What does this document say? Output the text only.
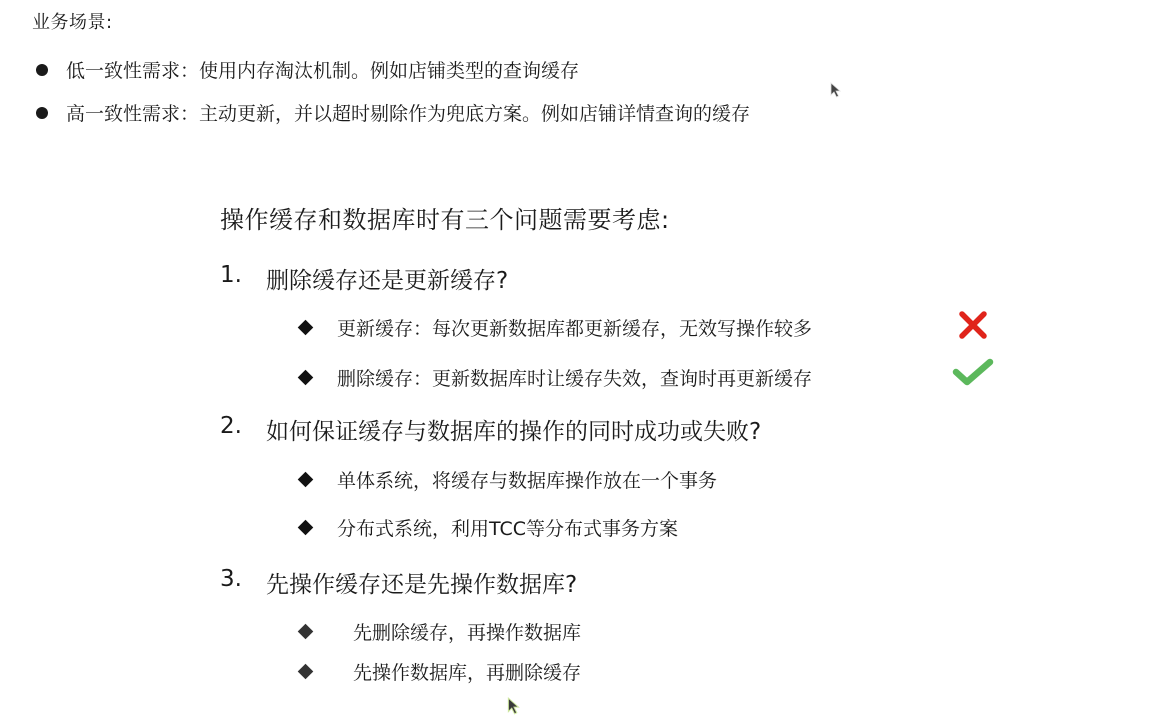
业务场景:
低一致性需求：使用内存淘汰机制。例如店铺类型的查询缓存
高一致性需求：主动更新，并以超时剔除作为兜底方案。例如店铺详情查询的缓存
操作缓存和数据库时有三个问题需要考虑:
1.	删除缓存还是更新缓存?
更新缓存：每次更新数据库都更新缓存，无效写操作较多
删除缓存：更新数据库时让缓存失效，查询时再更新缓存
2.	如何保证缓存与数据库的操作的同时成功或失败?
单体系统，将缓存与数据库操作放在一个事务
分布式系统，利用TCC等分布式事务方案
3.	先操作缓存还是先操作数据库?
先删除缓存，再操作数据库
先操作数据库，再删除缓存
